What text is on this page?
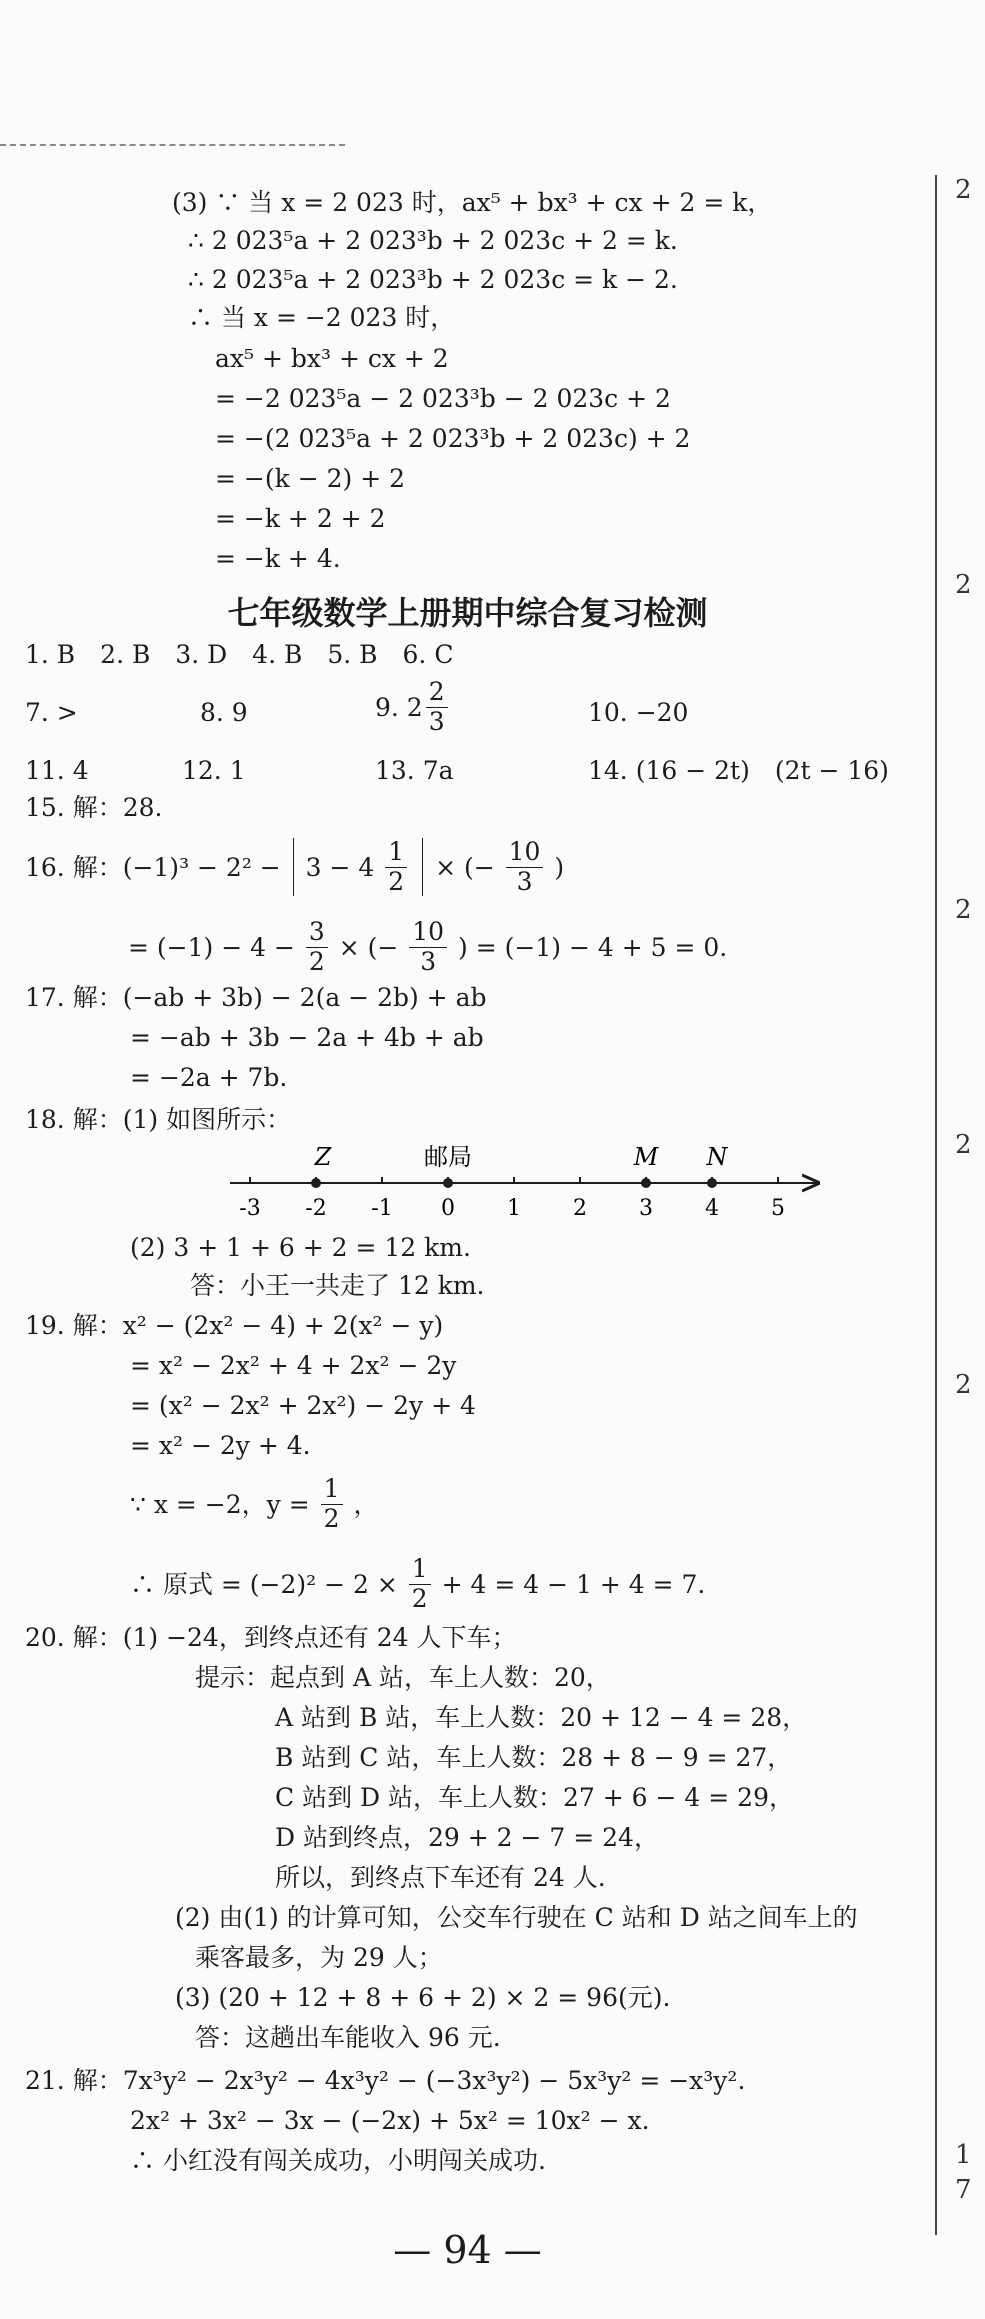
2
2
2
2
2
1
7
(3) ∵ 当 x = 2 023 时，ax⁵ + bx³ + cx + 2 = k，
∴ 2 023⁵a + 2 023³b + 2 023c + 2 = k.
∴ 2 023⁵a + 2 023³b + 2 023c = k − 2.
∴ 当 x = −2 023 时，
ax⁵ + bx³ + cx + 2
= −2 023⁵a − 2 023³b − 2 023c + 2
= −(2 023⁵a + 2 023³b + 2 023c) + 2
= −(k − 2) + 2
= −k + 2 + 2
= −k + 4.
七年级数学上册期中综合复习检测
1. B　2. B　3. D　4. B　5. B　6. C
7. >	8. 9	9. $2 \frac{2}{3}$	10. −20
11. 4	12. 1	13. 7a	14. (16 − 2t)　(2t − 16)
15. 解：28.
16. 解：$(-1)^3 - 2^2 - 3 - 4 \frac{1}{2}$ × (− $\frac{10}{3}$ )
= $(-1) - 4 - \frac{3}{2}$ × (− $\frac{10}{3}$ ) = (−1) − 4 + 5 = 0.
17. 解：(−ab + 3b) − 2(a − 2b) + ab
= −ab + 3b − 2a + 4b + ab
= −2a + 7b.
18. 解：(1) 如图所示：
-3 -2 -1 0 1 2 3 4 5
Z	邮局	M N
(2) 3 + 1 + 6 + 2 = 12 km.
答：小王一共走了 12 km.
19. 解：x² − (2x² − 4) + 2(x² − y)
= x² − 2x² + 4 + 2x² − 2y
= (x² − 2x² + 2x²) − 2y + 4
= x² − 2y + 4.
∵ x = −2，$y = \frac{1}{2}$ ，
∴ 原式 = $(-2)^2 - 2 \times \frac{1}{2} + 4 = 4 - 1 + 4 = 7$.
20. 解：(1) −24，到终点还有 24 人下车；
提示：起点到 A 站，车上人数：20，
A 站到 B 站，车上人数：20 + 12 − 4 = 28，
B 站到 C 站，车上人数：28 + 8 − 9 = 27，
C 站到 D 站，车上人数：27 + 6 − 4 = 29，
D 站到终点，29 + 2 − 7 = 24，
所以，到终点下车还有 24 人.
(2) 由(1) 的计算可知，公交车行驶在 C 站和 D 站之间车上的
乘客最多，为 29 人；
(3) (20 + 12 + 8 + 6 + 2) × 2 = 96(元).
答：这趟出车能收入 96 元.
21. 解：7x³y² − 2x³y² − 4x³y² − (−3x³y²) − 5x³y² = −x³y².
2x² + 3x² − 3x − (−2x) + 5x² = 10x² − x.
∴ 小红没有闯关成功，小明闯关成功.
— 94 —
